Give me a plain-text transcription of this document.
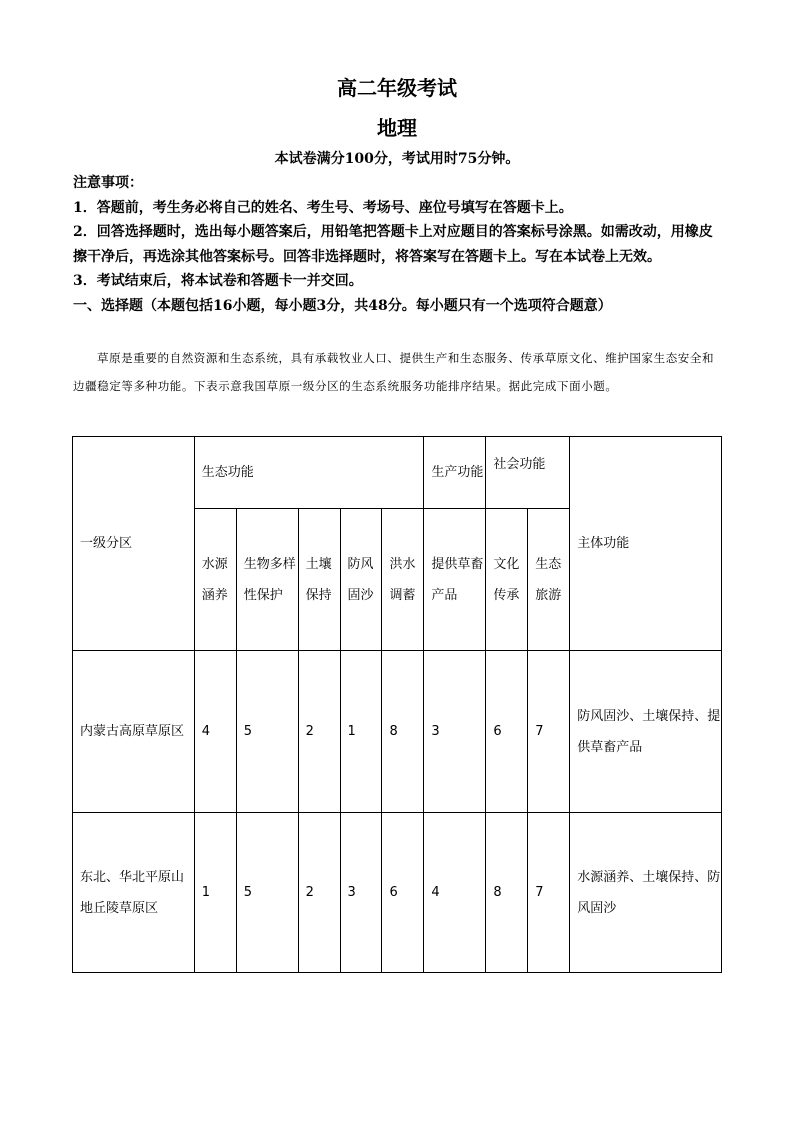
高二年级考试
地理
本试卷满分100分，考试用时75分钟。
注意事项：
1．答题前，考生务必将自己的姓名、考生号、考场号、座位号填写在答题卡上。
2．回答选择题时，选出每小题答案后，用铅笔把答题卡上对应题目的答案标号涂黑。如需改动，用橡皮擦干净后，再选涂其他答案标号。回答非选择题时，将答案写在答题卡上。写在本试卷上无效。
3．考试结束后，将本试卷和答题卡一并交回。
一、选择题（本题包括16小题，每小题3分，共48分。每小题只有一个选项符合题意）
草原是重要的自然资源和生态系统，具有承载牧业人口、提供生产和生态服务、传承草原文化、维护国家生态安全和边疆稳定等多种功能。下表示意我国草原一级分区的生态系统服务功能排序结果。据此完成下面小题。
一级分区	生态功能					生产功能	社会功能		主体功能
	水源涵养	生物多样性保护	土壤保持	防风固沙	洪水调蓄	提供草畜产品	文化传承	生态旅游	
内蒙古高原草原区	4	5	2	1	8	3	6	7	防风固沙、土壤保持、提供草畜产品
东北、华北平原山地丘陵草原区	1	5	2	3	6	4	8	7	水源涵养、土壤保持、防风固沙
